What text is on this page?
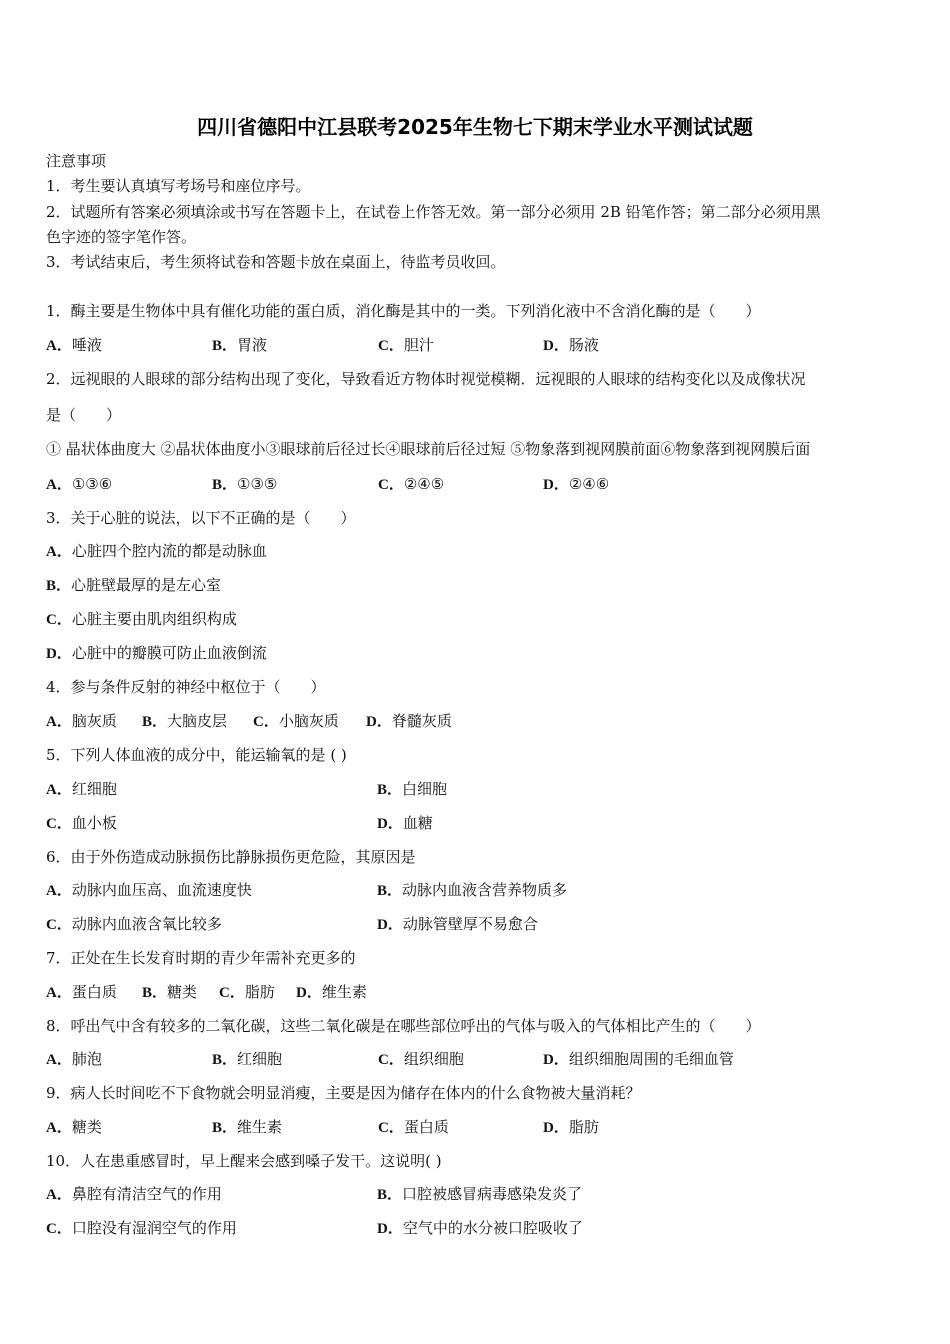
四川省德阳中江县联考2025年生物七下期末学业水平测试试题
注意事项
1．考生要认真填写考场号和座位序号。
2．试题所有答案必须填涂或书写在答题卡上，在试卷上作答无效。第一部分必须用 2B 铅笔作答；第二部分必须用黑
色字迹的签字笔作答。
3．考试结束后，考生须将试卷和答题卡放在桌面上，待监考员收回。
1．酶主要是生物体中具有催化功能的蛋白质，消化酶是其中的一类。下列消化液中不含消化酶的是（　　）
A．唾液	B．胃液	C．胆汁	D．肠液
2．远视眼的人眼球的部分结构出现了变化，导致看近方物体时视觉模糊．远视眼的人眼球的结构变化以及成像状况
是（　　）
① 晶状体曲度大 ②晶状体曲度小③眼球前后径过长④眼球前后径过短 ⑤物象落到视网膜前面⑥物象落到视网膜后面
A．①③⑥	B．①③⑤	C．②④⑤	D．②④⑥
3．关于心脏的说法，以下不正确的是（　　）
A．心脏四个腔内流的都是动脉血
B．心脏壁最厚的是左心室
C．心脏主要由肌肉组织构成
D．心脏中的瓣膜可防止血液倒流
4．参与条件反射的神经中枢位于（　　）
A．脑灰质 B．大脑皮层 C．小脑灰质 D．脊髓灰质
5．下列人体血液的成分中，能运输氧的是 ( )
A．红细胞	B．白细胞
C．血小板	D．血糖
6．由于外伤造成动脉损伤比静脉损伤更危险，其原因是
A．动脉内血压高、血流速度快	B．动脉内血液含营养物质多
C．动脉内血液含氧比较多	D．动脉管壁厚不易愈合
7．正处在生长发育时期的青少年需补充更多的
A．蛋白质 B．糖类 C．脂肪 D．维生素
8．呼出气中含有较多的二氧化碳，这些二氧化碳是在哪些部位呼出的气体与吸入的气体相比产生的（　　）
A．肺泡	B．红细胞	C．组织细胞	D．组织细胞周围的毛细血管
9．病人长时间吃不下食物就会明显消瘦，主要是因为储存在体内的什么食物被大量消耗？
A．糖类	B．维生素	C．蛋白质	D．脂肪
10．人在患重感冒时，早上醒来会感到嗓子发干。这说明( )
A．鼻腔有清洁空气的作用	B．口腔被感冒病毒感染发炎了
C．口腔没有湿润空气的作用	D．空气中的水分被口腔吸收了
